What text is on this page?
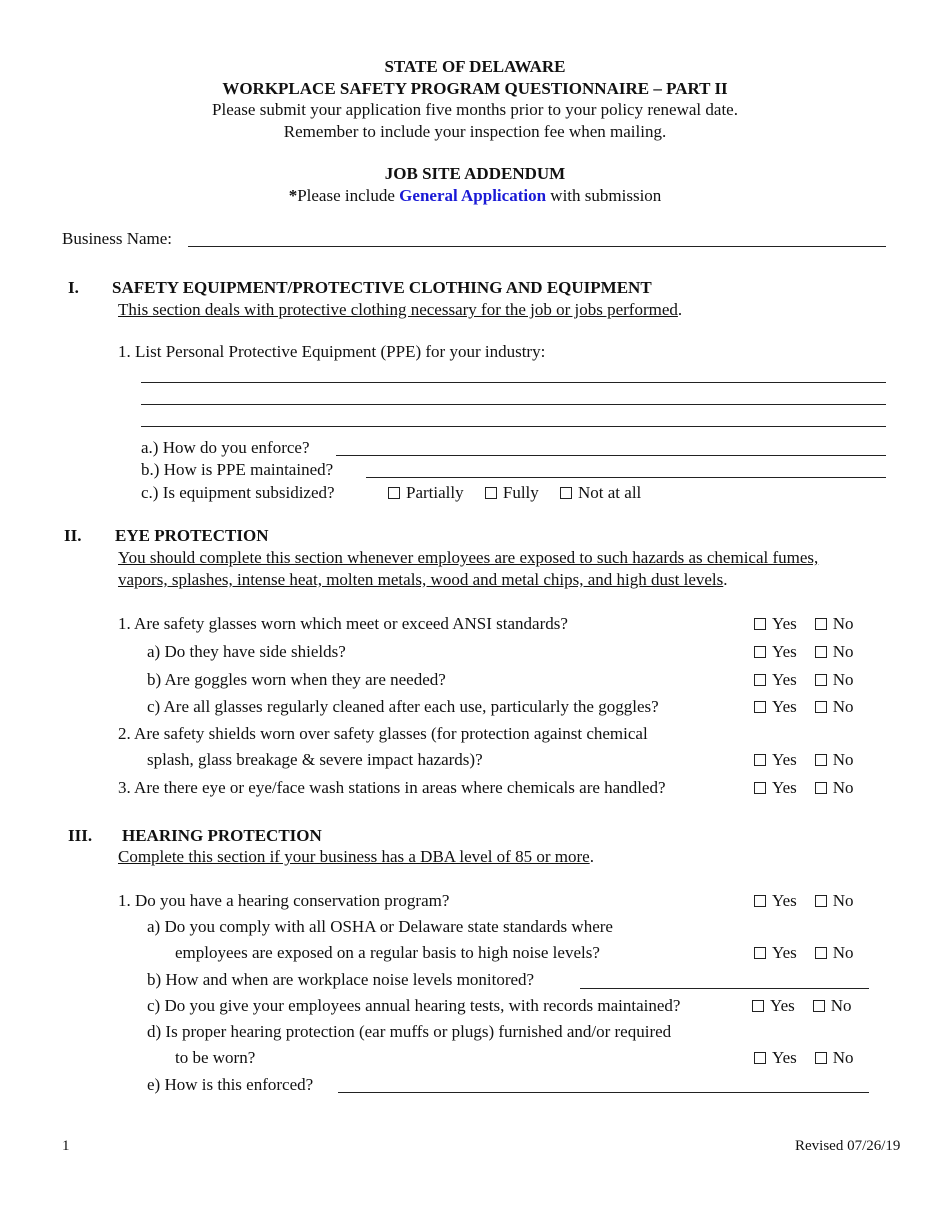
STATE OF DELAWARE
WORKPLACE SAFETY PROGRAM QUESTIONNAIRE – PART II
Please submit your application five months prior to your policy renewal date.
Remember to include your inspection fee when mailing.
JOB SITE ADDENDUM
*Please include General Application with submission
Business Name:
I. SAFETY EQUIPMENT/PROTECTIVE CLOTHING AND EQUIPMENT
This section deals with protective clothing necessary for the job or jobs performed.
1. List Personal Protective Equipment (PPE) for your industry:
a.) How do you enforce?
b.) How is PPE maintained?
c.) Is equipment subsidized?	Partially Fully Not at all
II. EYE PROTECTION
You should complete this section whenever employees are exposed to such hazards as chemical fumes,
vapors, splashes, intense heat, molten metals, wood and metal chips, and high dust levels.
1. Are safety glasses worn which meet or exceed ANSI standards?
a) Do they have side shields?
b) Are goggles worn when they are needed?
c) Are all glasses regularly cleaned after each use, particularly the goggles?
2. Are safety shields worn over safety glasses (for protection against chemical
splash, glass breakage & severe impact hazards)?
3. Are there eye or eye/face wash stations in areas where chemicals are handled?
III. HEARING PROTECTION
Complete this section if your business has a DBA level of 85 or more.
1. Do you have a hearing conservation program?
a) Do you comply with all OSHA or Delaware state standards where
employees are exposed on a regular basis to high noise levels?
b) How and when are workplace noise levels monitored?
c) Do you give your employees annual hearing tests, with records maintained?
d) Is proper hearing protection (ear muffs or plugs) furnished and/or required
to be worn?
e) How is this enforced?
Yes No
Yes No
Yes No
Yes No
Yes No
Yes No
Yes No
Yes No
Yes No
Yes No
1	Revised 07/26/19
